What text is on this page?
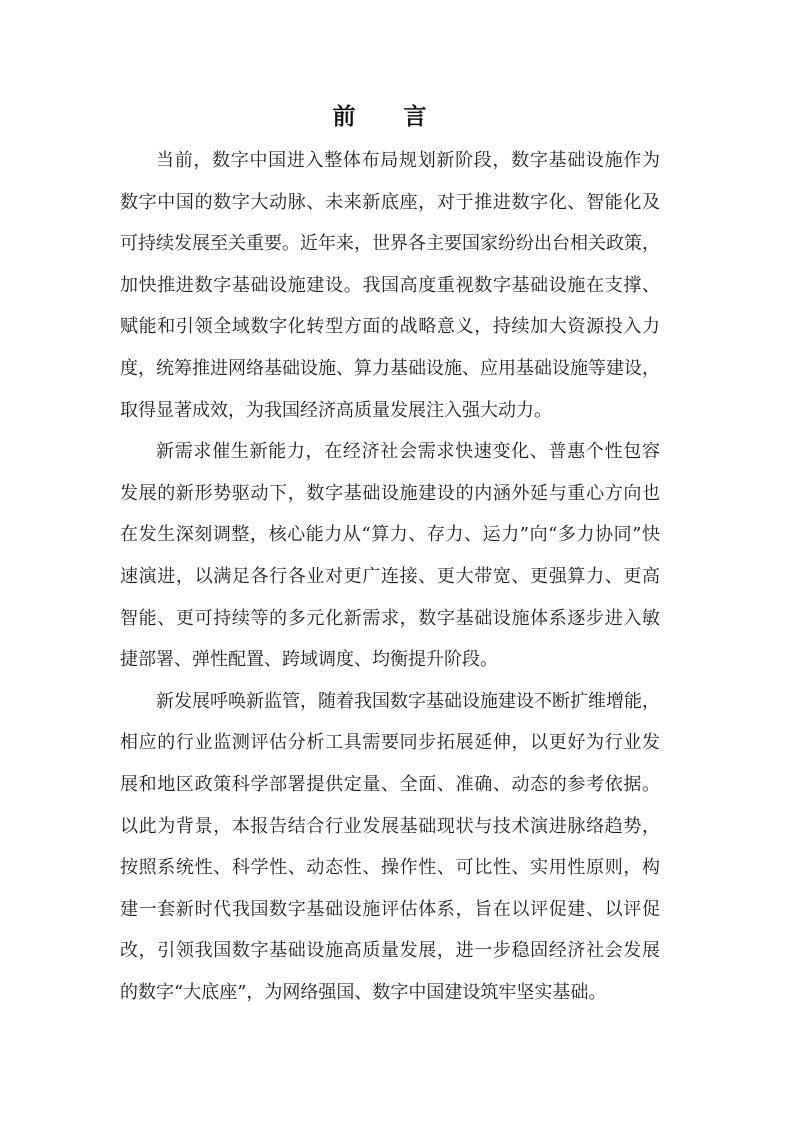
前 言
当前，数字中国进入整体布局规划新阶段，数字基础设施作为
数字中国的数字大动脉、未来新底座，对于推进数字化、智能化及
可持续发展至关重要。近年来，世界各主要国家纷纷出台相关政策，
加快推进数字基础设施建设。我国高度重视数字基础设施在支撑、
赋能和引领全域数字化转型方面的战略意义，持续加大资源投入力
度，统筹推进网络基础设施、算力基础设施、应用基础设施等建设，
取得显著成效，为我国经济高质量发展注入强大动力。
新需求催生新能力，在经济社会需求快速变化、普惠个性包容
发展的新形势驱动下，数字基础设施建设的内涵外延与重心方向也
在发生深刻调整，核心能力从“算力、存力、运力”向“多力协同”快
速演进，以满足各行各业对更广连接、更大带宽、更强算力、更高
智能、更可持续等的多元化新需求，数字基础设施体系逐步进入敏
捷部署、弹性配置、跨域调度、均衡提升阶段。
新发展呼唤新监管，随着我国数字基础设施建设不断扩维增能，
相应的行业监测评估分析工具需要同步拓展延伸，以更好为行业发
展和地区政策科学部署提供定量、全面、准确、动态的参考依据。
以此为背景，本报告结合行业发展基础现状与技术演进脉络趋势，
按照系统性、科学性、动态性、操作性、可比性、实用性原则，构
建一套新时代我国数字基础设施评估体系，旨在以评促建、以评促
改，引领我国数字基础设施高质量发展，进一步稳固经济社会发展
的数字“大底座”，为网络强国、数字中国建设筑牢坚实基础。
